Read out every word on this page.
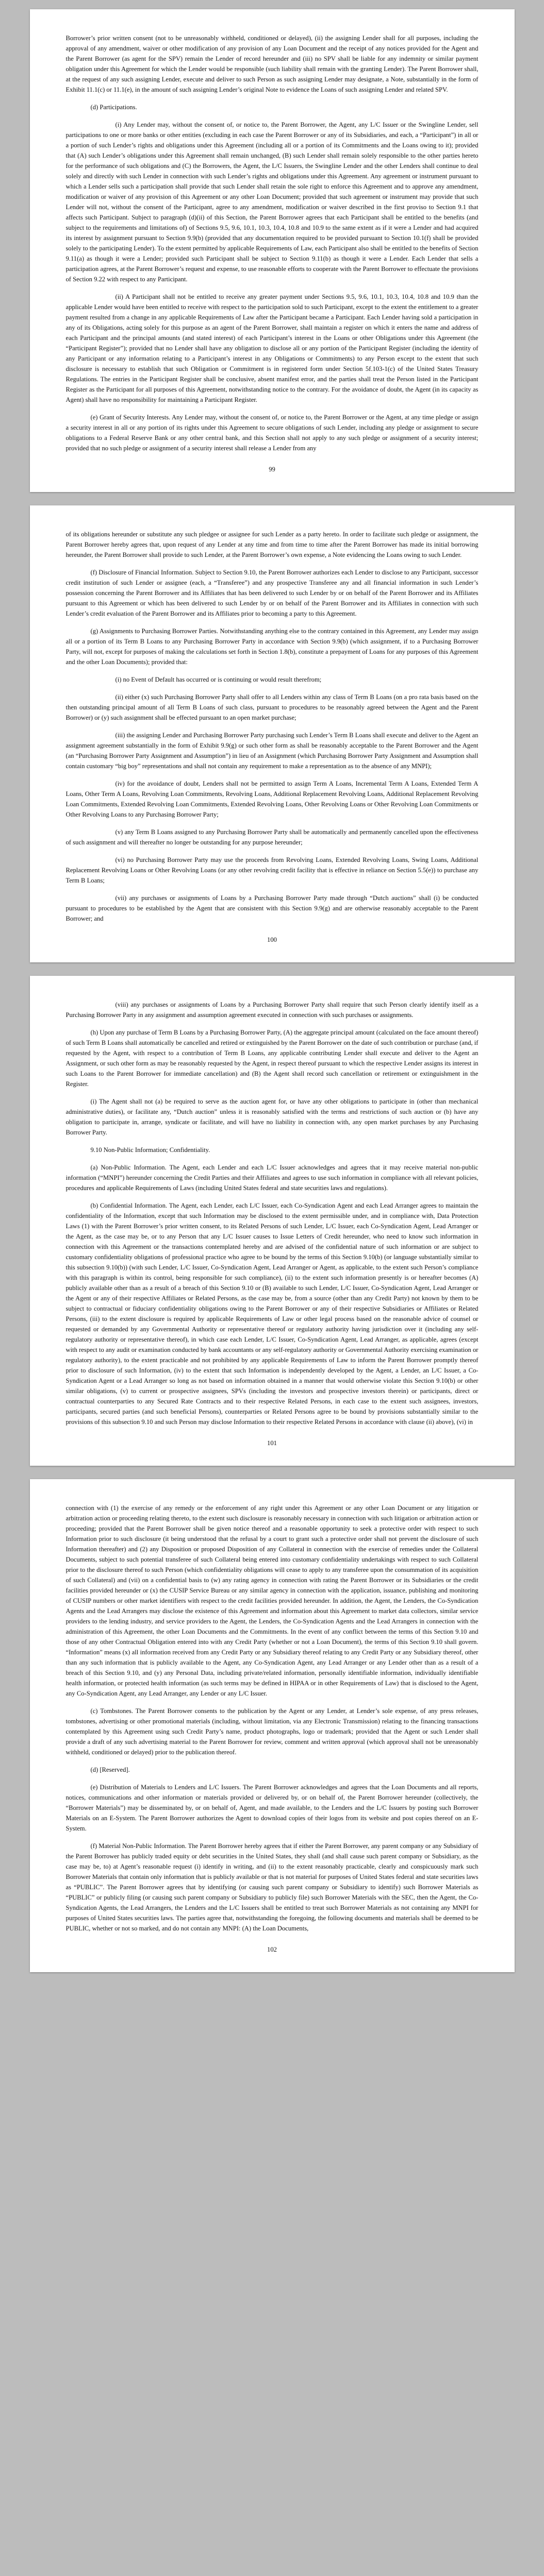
Borrower’s prior written consent (not to be unreasonably withheld, conditioned or delayed), (ii) the assigning Lender shall for all purposes, including the approval of any amendment, waiver or other modification of any provision of any Loan Document and the receipt of any notices provided for the Agent and the Parent Borrower (as agent for the SPV) remain the Lender of record hereunder and (iii) no SPV shall be liable for any indemnity or similar payment obligation under this Agreement for which the Lender would be responsible (such liability shall remain with the granting Lender). The Parent Borrower shall, at the request of any such assigning Lender, execute and deliver to such Person as such assigning Lender may designate, a Note, substantially in the form of Exhibit 11.1(c) or 11.1(e), in the amount of such assigning Lender’s original Note to evidence the Loans of such assigning Lender and related SPV.

(d) Participations.

(i) Any Lender may, without the consent of, or notice to, the Parent Borrower, the Agent, any L/C Issuer or the Swingline Lender, sell participations to one or more banks or other entities (excluding in each case the Parent Borrower or any of its Subsidiaries, and each, a “Participant”) in all or a portion of such Lender’s rights and obligations under this Agreement (including all or a portion of its Commitments and the Loans owing to it); provided that (A) such Lender’s obligations under this Agreement shall remain unchanged, (B) such Lender shall remain solely responsible to the other parties hereto for the performance of such obligations and (C) the Borrowers, the Agent, the L/C Issuers, the Swingline Lender and the other Lenders shall continue to deal solely and directly with such Lender in connection with such Lender’s rights and obligations under this Agreement. Any agreement or instrument pursuant to which a Lender sells such a participation shall provide that such Lender shall retain the sole right to enforce this Agreement and to approve any amendment, modification or waiver of any provision of this Agreement or any other Loan Document; provided that such agreement or instrument may provide that such Lender will not, without the consent of the Participant, agree to any amendment, modification or waiver described in the first proviso to Section 9.1 that affects such Participant. Subject to paragraph (d)(ii) of this Section, the Parent Borrower agrees that each Participant shall be entitled to the benefits (and subject to the requirements and limitations of) of Sections 9.5, 9.6, 10.1, 10.3, 10.4, 10.8 and 10.9 to the same extent as if it were a Lender and had acquired its interest by assignment pursuant to Section 9.9(b) (provided that any documentation required to be provided pursuant to Section 10.1(f) shall be provided solely to the participating Lender). To the extent permitted by applicable Requirements of Law, each Participant also shall be entitled to the benefits of Section 9.11(a) as though it were a Lender; provided such Participant shall be subject to Section 9.11(b) as though it were a Lender. Each Lender that sells a participation agrees, at the Parent Borrower’s request and expense, to use reasonable efforts to cooperate with the Parent Borrower to effectuate the provisions of Section 9.22 with respect to any Participant.

(ii) A Participant shall not be entitled to receive any greater payment under Sections 9.5, 9.6, 10.1, 10.3, 10.4, 10.8 and 10.9 than the applicable Lender would have been entitled to receive with respect to the participation sold to such Participant, except to the extent the entitlement to a greater payment resulted from a change in any applicable Requirements of Law after the Participant became a Participant. Each Lender having sold a participation in any of its Obligations, acting solely for this purpose as an agent of the Parent Borrower, shall maintain a register on which it enters the name and address of each Participant and the principal amounts (and stated interest) of each Participant’s interest in the Loans or other Obligations under this Agreement (the “Participant Register”); provided that no Lender shall have any obligation to disclose all or any portion of the Participant Register (including the identity of any Participant or any information relating to a Participant’s interest in any Obligations or Commitments) to any Person except to the extent that such disclosure is necessary to establish that such Obligation or Commitment is in registered form under Section 5f.103-1(c) of the United States Treasury Regulations. The entries in the Participant Register shall be conclusive, absent manifest error, and the parties shall treat the Person listed in the Participant Register as the Participant for all purposes of this Agreement, notwithstanding notice to the contrary. For the avoidance of doubt, the Agent (in its capacity as Agent) shall have no responsibility for maintaining a Participant Register.

(e) Grant of Security Interests. Any Lender may, without the consent of, or notice to, the Parent Borrower or the Agent, at any time pledge or assign a security interest in all or any portion of its rights under this Agreement to secure obligations of such Lender, including any pledge or assignment to secure obligations to a Federal Reserve Bank or any other central bank, and this Section shall not apply to any such pledge or assignment of a security interest; provided that no such pledge or assignment of a security interest shall release a Lender from any

99

of its obligations hereunder or substitute any such pledgee or assignee for such Lender as a party hereto. In order to facilitate such pledge or assignment, the Parent Borrower hereby agrees that, upon request of any Lender at any time and from time to time after the Parent Borrower has made its initial borrowing hereunder, the Parent Borrower shall provide to such Lender, at the Parent Borrower’s own expense, a Note evidencing the Loans owing to such Lender.

(f) Disclosure of Financial Information. Subject to Section 9.10, the Parent Borrower authorizes each Lender to disclose to any Participant, successor credit institution of such Lender or assignee (each, a “Transferee”) and any prospective Transferee any and all financial information in such Lender’s possession concerning the Parent Borrower and its Affiliates that has been delivered to such Lender by or on behalf of the Parent Borrower and its Affiliates pursuant to this Agreement or which has been delivered to such Lender by or on behalf of the Parent Borrower and its Affiliates in connection with such Lender’s credit evaluation of the Parent Borrower and its Affiliates prior to becoming a party to this Agreement.

(g) Assignments to Purchasing Borrower Parties. Notwithstanding anything else to the contrary contained in this Agreement, any Lender may assign all or a portion of its Term B Loans to any Purchasing Borrower Party in accordance with Section 9.9(b) (which assignment, if to a Purchasing Borrower Party, will not, except for purposes of making the calculations set forth in Section 1.8(b), constitute a prepayment of Loans for any purposes of this Agreement and the other Loan Documents); provided that:

(i) no Event of Default has occurred or is continuing or would result therefrom;

(ii) either (x) such Purchasing Borrower Party shall offer to all Lenders within any class of Term B Loans (on a pro rata basis based on the then outstanding principal amount of all Term B Loans of such class, pursuant to procedures to be reasonably agreed between the Agent and the Parent Borrower) or (y) such assignment shall be effected pursuant to an open market purchase;

(iii) the assigning Lender and Purchasing Borrower Party purchasing such Lender’s Term B Loans shall execute and deliver to the Agent an assignment agreement substantially in the form of Exhibit 9.9(g) or such other form as shall be reasonably acceptable to the Parent Borrower and the Agent (an “Purchasing Borrower Party Assignment and Assumption”) in lieu of an Assignment (which Purchasing Borrower Party Assignment and Assumption shall contain customary “big boy” representations and shall not contain any requirement to make a representation as to the absence of any MNPI);

(iv) for the avoidance of doubt, Lenders shall not be permitted to assign Term A Loans, Incremental Term A Loans, Extended Term A Loans, Other Term A Loans, Revolving Loan Commitments, Revolving Loans, Additional Replacement Revolving Loans, Additional Replacement Revolving Loan Commitments, Extended Revolving Loan Commitments, Extended Revolving Loans, Other Revolving Loans or Other Revolving Loan Commitments or Other Revolving Loans to any Purchasing Borrower Party;

(v) any Term B Loans assigned to any Purchasing Borrower Party shall be automatically and permanently cancelled upon the effectiveness of such assignment and will thereafter no longer be outstanding for any purpose hereunder;

(vi) no Purchasing Borrower Party may use the proceeds from Revolving Loans, Extended Revolving Loans, Swing Loans, Additional Replacement Revolving Loans or Other Revolving Loans (or any other revolving credit facility that is effective in reliance on Section 5.5(e)) to purchase any Term B Loans;

(vii) any purchases or assignments of Loans by a Purchasing Borrower Party made through “Dutch auctions” shall (i) be conducted pursuant to procedures to be established by the Agent that are consistent with this Section 9.9(g) and are otherwise reasonably acceptable to the Parent Borrower; and

100

(viii) any purchases or assignments of Loans by a Purchasing Borrower Party shall require that such Person clearly identify itself as a Purchasing Borrower Party in any assignment and assumption agreement executed in connection with such purchases or assignments.

(h) Upon any purchase of Term B Loans by a Purchasing Borrower Party, (A) the aggregate principal amount (calculated on the face amount thereof) of such Term B Loans shall automatically be cancelled and retired or extinguished by the Parent Borrower on the date of such contribution or purchase (and, if requested by the Agent, with respect to a contribution of Term B Loans, any applicable contributing Lender shall execute and deliver to the Agent an Assignment, or such other form as may be reasonably requested by the Agent, in respect thereof pursuant to which the respective Lender assigns its interest in such Loans to the Parent Borrower for immediate cancellation) and (B) the Agent shall record such cancellation or retirement or extinguishment in the Register.

(i) The Agent shall not (a) be required to serve as the auction agent for, or have any other obligations to participate in (other than mechanical administrative duties), or facilitate any, “Dutch auction” unless it is reasonably satisfied with the terms and restrictions of such auction or (b) have any obligation to participate in, arrange, syndicate or facilitate, and will have no liability in connection with, any open market purchases by any Purchasing Borrower Party.

9.10 Non-Public Information; Confidentiality.

(a) Non-Public Information. The Agent, each Lender and each L/C Issuer acknowledges and agrees that it may receive material non-public information (“MNPI”) hereunder concerning the Credit Parties and their Affiliates and agrees to use such information in compliance with all relevant policies, procedures and applicable Requirements of Laws (including United States federal and state securities laws and regulations).

(b) Confidential Information. The Agent, each Lender, each L/C Issuer, each Co-Syndication Agent and each Lead Arranger agrees to maintain the confidentiality of the Information, except that such Information may be disclosed to the extent permissible under, and in compliance with, Data Protection Laws (1) with the Parent Borrower’s prior written consent, to its Related Persons of such Lender, L/C Issuer, each Co-Syndication Agent, Lead Arranger or the Agent, as the case may be, or to any Person that any L/C Issuer causes to Issue Letters of Credit hereunder, who need to know such information in connection with this Agreement or the transactions contemplated hereby and are advised of the confidential nature of such information or are subject to customary confidentiality obligations of professional practice who agree to be bound by the terms of this Section 9.10(b) (or language substantially similar to this subsection 9.10(b)) (with such Lender, L/C Issuer, Co-Syndication Agent, Lead Arranger or Agent, as applicable, to the extent such Person’s compliance with this paragraph is within its control, being responsible for such compliance), (ii) to the extent such information presently is or hereafter becomes (A) publicly available other than as a result of a breach of this Section 9.10 or (B) available to such Lender, L/C Issuer, Co-Syndication Agent, Lead Arranger or the Agent or any of their respective Affiliates or Related Persons, as the case may be, from a source (other than any Credit Party) not known by them to be subject to contractual or fiduciary confidentiality obligations owing to the Parent Borrower or any of their respective Subsidiaries or Affiliates or Related Persons, (iii) to the extent disclosure is required by applicable Requirements of Law or other legal process based on the reasonable advice of counsel or requested or demanded by any Governmental Authority or representative thereof or regulatory authority having jurisdiction over it (including any self-regulatory authority or representative thereof), in which case each Lender, L/C Issuer, Co-Syndication Agent, Lead Arranger, as applicable, agrees (except with respect to any audit or examination conducted by bank accountants or any self-regulatory authority or Governmental Authority exercising examination or regulatory authority), to the extent practicable and not prohibited by any applicable Requirements of Law to inform the Parent Borrower promptly thereof prior to disclosure of such Information, (iv) to the extent that such Information is independently developed by the Agent, a Lender, an L/C Issuer, a Co-Syndication Agent or a Lead Arranger so long as not based on information obtained in a manner that would otherwise violate this Section 9.10(b) or other similar obligations, (v) to current or prospective assignees, SPVs (including the investors and prospective investors therein) or participants, direct or contractual counterparties to any Secured Rate Contracts and to their respective Related Persons, in each case to the extent such assignees, investors, participants, secured parties (and such beneficial Persons), counterparties or Related Persons agree to be bound by provisions substantially similar to the provisions of this subsection 9.10 and such Person may disclose Information to their respective Related Persons in accordance with clause (ii) above), (vi) in

101

connection with (1) the exercise of any remedy or the enforcement of any right under this Agreement or any other Loan Document or any litigation or arbitration action or proceeding relating thereto, to the extent such disclosure is reasonably necessary in connection with such litigation or arbitration action or proceeding; provided that the Parent Borrower shall be given notice thereof and a reasonable opportunity to seek a protective order with respect to such Information prior to such disclosure (it being understood that the refusal by a court to grant such a protective order shall not prevent the disclosure of such Information thereafter) and (2) any Disposition or proposed Disposition of any Collateral in connection with the exercise of remedies under the Collateral Documents, subject to such potential transferee of such Collateral being entered into customary confidentiality undertakings with respect to such Collateral prior to the disclosure thereof to such Person (which confidentiality obligations will cease to apply to any transferee upon the consummation of its acquisition of such Collateral) and (vii) on a confidential basis to (w) any rating agency in connection with rating the Parent Borrower or its Subsidiaries or the credit facilities provided hereunder or (x) the CUSIP Service Bureau or any similar agency in connection with the application, issuance, publishing and monitoring of CUSIP numbers or other market identifiers with respect to the credit facilities provided hereunder. In addition, the Agent, the Lenders, the Co-Syndication Agents and the Lead Arrangers may disclose the existence of this Agreement and information about this Agreement to market data collectors, similar service providers to the lending industry, and service providers to the Agent, the Lenders, the Co-Syndication Agents and the Lead Arrangers in connection with the administration of this Agreement, the other Loan Documents and the Commitments. In the event of any conflict between the terms of this Section 9.10 and those of any other Contractual Obligation entered into with any Credit Party (whether or not a Loan Document), the terms of this Section 9.10 shall govern. “Information” means (x) all information received from any Credit Party or any Subsidiary thereof relating to any Credit Party or any Subsidiary thereof, other than any such information that is publicly available to the Agent, any Co-Syndication Agent, any Lead Arranger or any Lender other than as a result of a breach of this Section 9.10, and (y) any Personal Data, including private/related information, personally identifiable information, individually identifiable health information, or protected health information (as such terms may be defined in HIPAA or in other Requirements of Law) that is disclosed to the Agent, any Co-Syndication Agent, any Lead Arranger, any Lender or any L/C Issuer.

(c) Tombstones. The Parent Borrower consents to the publication by the Agent or any Lender, at Lender’s sole expense, of any press releases, tombstones, advertising or other promotional materials (including, without limitation, via any Electronic Transmission) relating to the financing transactions contemplated by this Agreement using such Credit Party’s name, product photographs, logo or trademark; provided that the Agent or such Lender shall provide a draft of any such advertising material to the Parent Borrower for review, comment and written approval (which approval shall not be unreasonably withheld, conditioned or delayed) prior to the publication thereof.

(d) [Reserved].

(e) Distribution of Materials to Lenders and L/C Issuers. The Parent Borrower acknowledges and agrees that the Loan Documents and all reports, notices, communications and other information or materials provided or delivered by, or on behalf of, the Parent Borrower hereunder (collectively, the “Borrower Materials”) may be disseminated by, or on behalf of, Agent, and made available, to the Lenders and the L/C Issuers by posting such Borrower Materials on an E-System. The Parent Borrower authorizes the Agent to download copies of their logos from its website and post copies thereof on an E-System.

(f) Material Non-Public Information. The Parent Borrower hereby agrees that if either the Parent Borrower, any parent company or any Subsidiary of the Parent Borrower has publicly traded equity or debt securities in the United States, they shall (and shall cause such parent company or Subsidiary, as the case may be, to) at Agent’s reasonable request (i) identify in writing, and (ii) to the extent reasonably practicable, clearly and conspicuously mark such Borrower Materials that contain only information that is publicly available or that is not material for purposes of United States federal and state securities laws as “PUBLIC”. The Parent Borrower agrees that by identifying (or causing such parent company or Subsidiary to identify) such Borrower Materials as “PUBLIC” or publicly filing (or causing such parent company or Subsidiary to publicly file) such Borrower Materials with the SEC, then the Agent, the Co-Syndication Agents, the Lead Arrangers, the Lenders and the L/C Issuers shall be entitled to treat such Borrower Materials as not containing any MNPI for purposes of United States securities laws. The parties agree that, notwithstanding the foregoing, the following documents and materials shall be deemed to be PUBLIC, whether or not so marked, and do not contain any MNPI: (A) the Loan Documents,

102
